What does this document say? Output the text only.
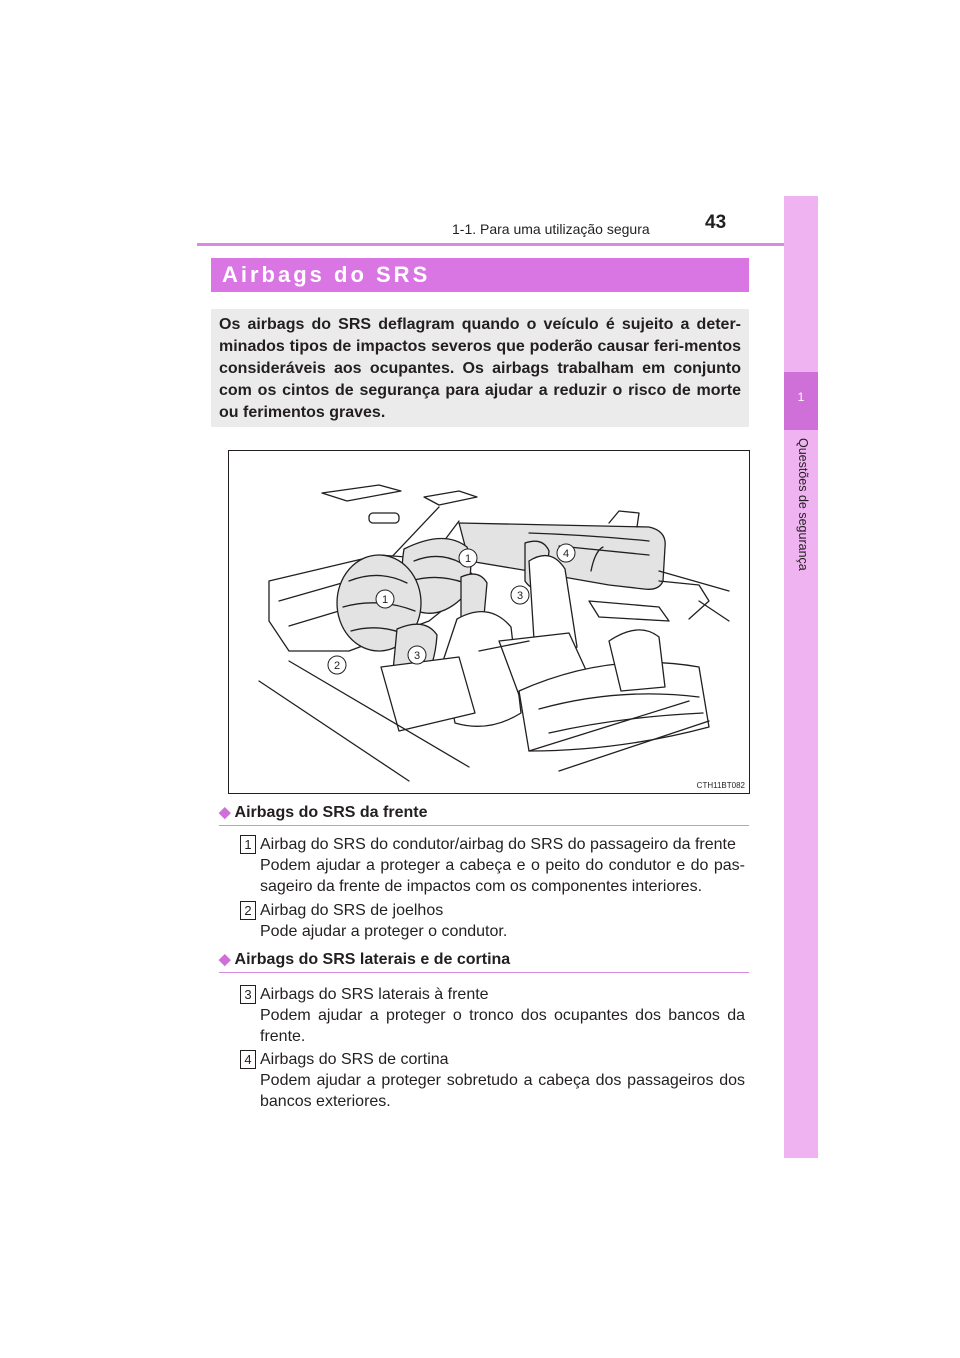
43
1-1. Para uma utilização segura
1
Questões de segurança
Airbags do SRS
Os airbags do SRS deflagram quando o veículo é sujeito a deter-minados tipos de impactos severos que poderão causar feri-mentos consideráveis aos ocupantes. Os airbags trabalham em conjunto com os cintos de segurança para ajudar a reduzir o risco de morte ou ferimentos graves.
1
1
2
3
3
4
CTH11BT082
◆ Airbags do SRS da frente
1 Airbag do SRS do condutor/airbag do SRS do passageiro da frente
Podem ajudar a proteger a cabeça e o peito do condutor e do pas-sageiro da frente de impactos com os componentes interiores.
2 Airbag do SRS de joelhos
Pode ajudar a proteger o condutor.
◆ Airbags do SRS laterais e de cortina
3 Airbags do SRS laterais à frente
Podem ajudar a proteger o tronco dos ocupantes dos bancos da frente.
4 Airbags do SRS de cortina
Podem ajudar a proteger sobretudo a cabeça dos passageiros dos bancos exteriores.
